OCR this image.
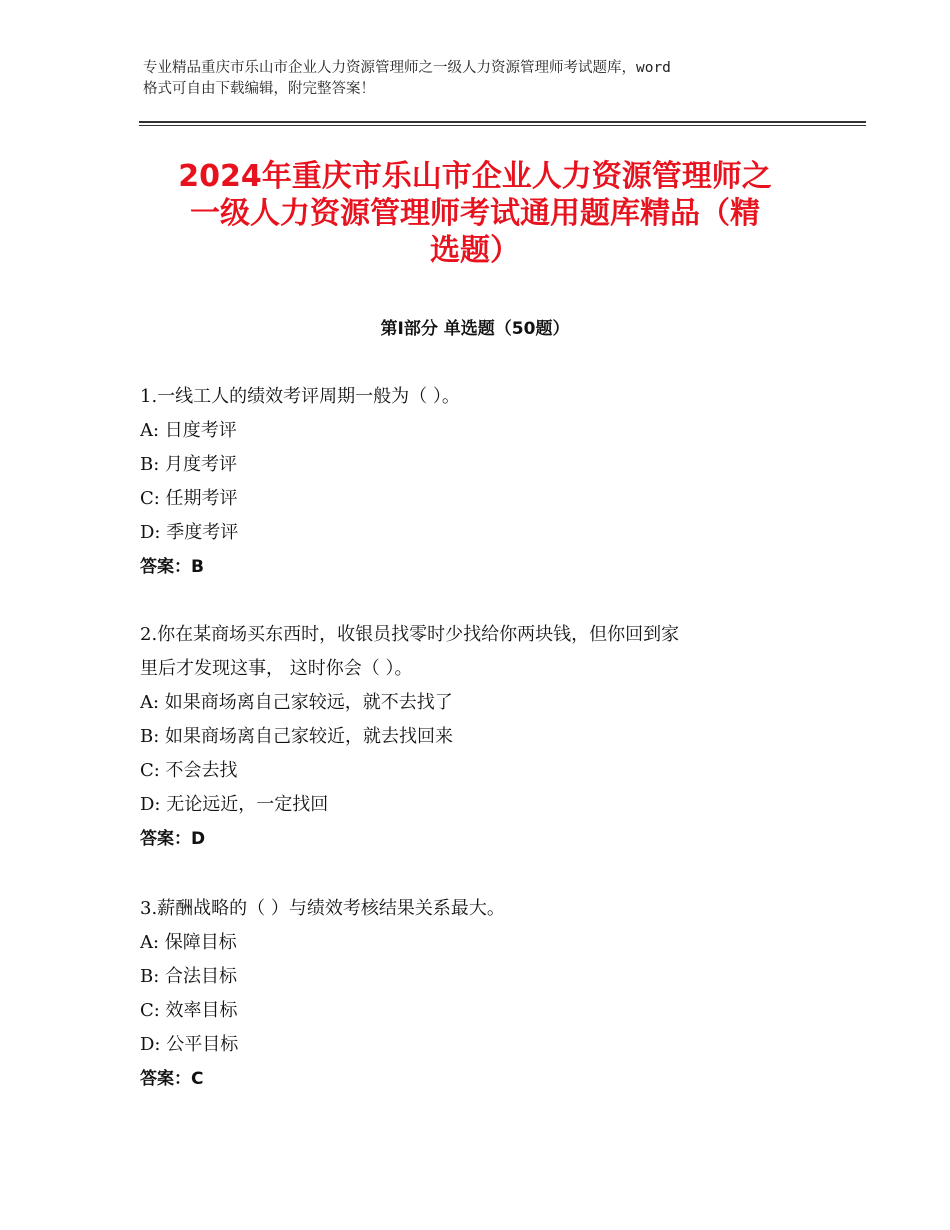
专业精品重庆市乐山市企业人力资源管理师之一级人力资源管理师考试题库，word
格式可自由下载编辑，附完整答案！
2024年重庆市乐山市企业人力资源管理师之
一级人力资源管理师考试通用题库精品（精
选题）
第Ⅰ部分 单选题（50题）
1.一线工人的绩效考评周期一般为（ ）。
A: 日度考评
B: 月度考评
C: 任期考评
D: 季度考评
答案：B
2.你在某商场买东西时，收银员找零时少找给你两块钱，但你回到家
里后才发现这事， 这时你会（ ）。
A: 如果商场离自己家较远，就不去找了
B: 如果商场离自己家较近，就去找回来
C: 不会去找
D: 无论远近，一定找回
答案：D
3.薪酬战略的（ ）与绩效考核结果关系最大。
A: 保障目标
B: 合法目标
C: 效率目标
D: 公平目标
答案：C
